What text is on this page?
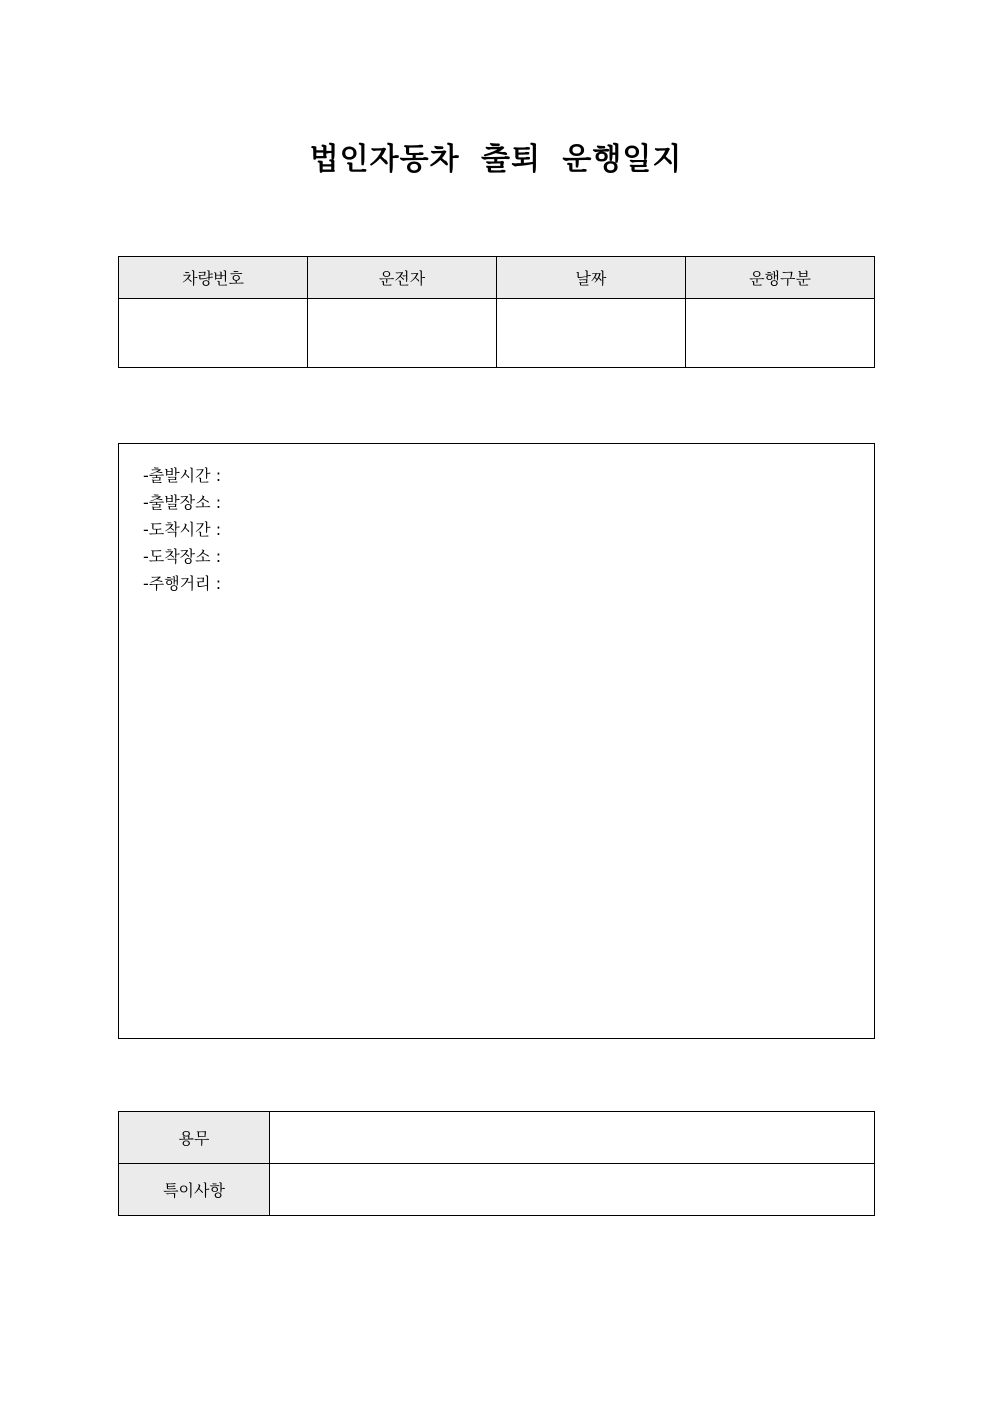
법인자동차 출퇴 운행일지
차량번호	운전자	날짜	운행구분

-출발시간 :
-출발장소 :
-도착시간 :
-도착장소 :
-주행거리 :
용무	
특이사항	
